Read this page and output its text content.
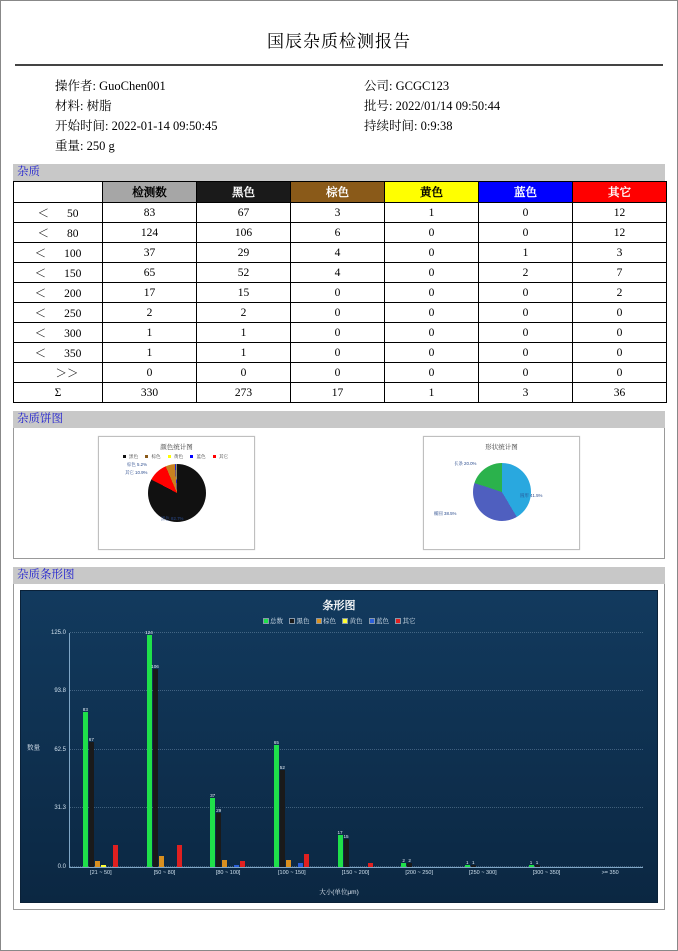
国辰杂质检测报告
操作者: GuoChen001
材料: 树脂
开始时间: 2022-01-14 09:50:45
重量: 250 g
公司: GCGC123
批号: 2022/01/14 09:50:44
持续时间: 0:9:38
杂质
	检测数	黑色	棕色	黄色	蓝色	其它
＜ 50	83	67	3	1	0	12
＜ 80	124	106	6	0	0	12
＜ 100	37	29	4	0	1	3
＜ 150	65	52	4	0	2	7
＜ 200	17	15	0	0	0	2
＜ 250	2	2	0	0	0	0
＜ 300	1	1	0	0	0	0
＜ 350	1	1	0	0	0	0
＞＞	0	0	0	0	0	0
Σ	330	273	17	1	3	36
杂质饼图
颜色统计图
黑色	棕色	黄色	蓝色	其它
棕色 5.2%
其它 10.9%
黑色 82.7%
形状统计图

长条 20.0%
圆形 41.5%
椭圆 38.5%
杂质条形图
条形图
总数 黑色 棕色 黄色 蓝色 其它
数量
0.0
31.3
62.5
93.8
125.0
83
67
[21 ~ 50]
124
106
[50 ~ 80]
37
29
[80 ~ 100]
65
52
[100 ~ 150]
17
15
[150 ~ 200]
2 2
[200 ~ 250]
1 1
[250 ~ 300]
1 1
[300 ~ 350]	>= 350
大小(单位μm)
